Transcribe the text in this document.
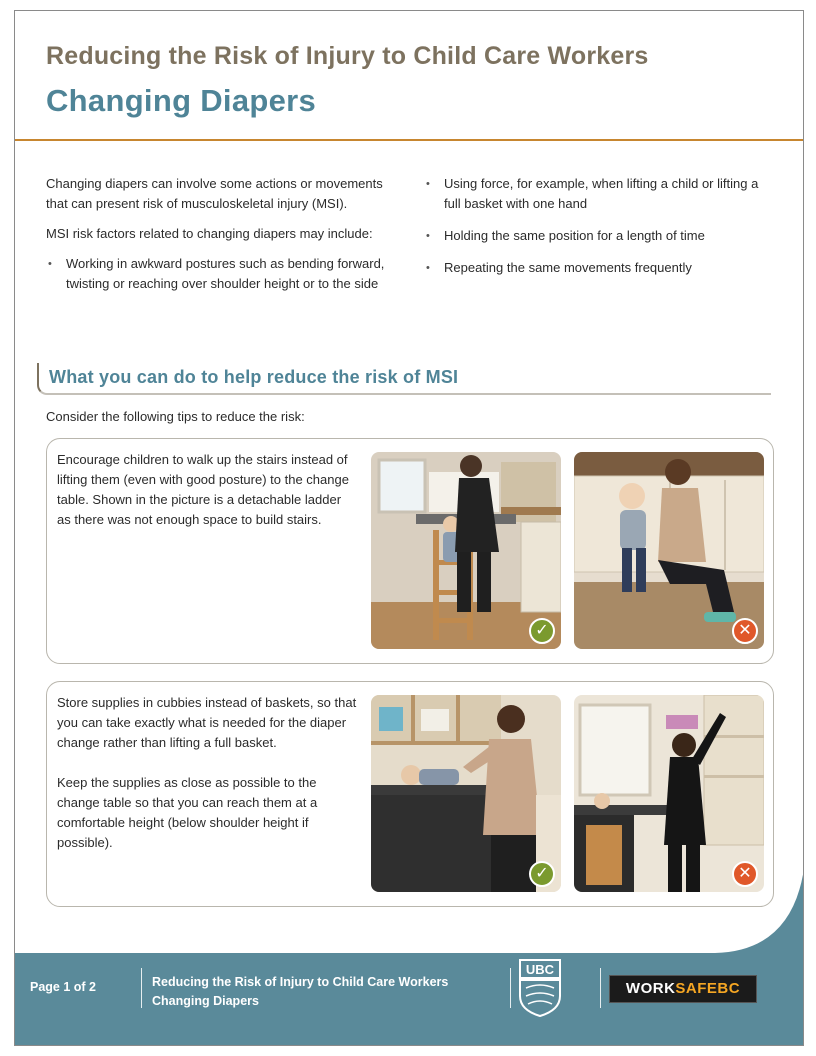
Reducing the Risk of Injury to Child Care Workers
Changing Diapers

Changing diapers can involve some actions or movements that can present risk of musculoskeletal injury (MSI).

MSI risk factors related to changing diapers may include:

• Working in awkward postures such as bending forward, twisting or reaching over shoulder height or to the side
• Using force, for example, when lifting a child or lifting a full basket with one hand
• Holding the same position for a length of time
• Repeating the same movements frequently
What you can do to help reduce the risk of MSI
Consider the following tips to reduce the risk:

Encourage children to walk up the stairs instead of lifting them (even with good posture) to the change table. Shown in the picture is a detachable ladder as there was not enough space to build stairs.

✓	✕

Store supplies in cubbies instead of baskets, so that you can take exactly what is needed for the diaper change rather than lifting a full basket.

Keep the supplies as close as possible to the change table so that you can reach them at a comfortable height (below shoulder height if possible).

✓	✕
Page 1 of 2	Reducing the Risk of Injury to Child Care Workers
Changing Diapers
UBC
WORKSAFEBC
